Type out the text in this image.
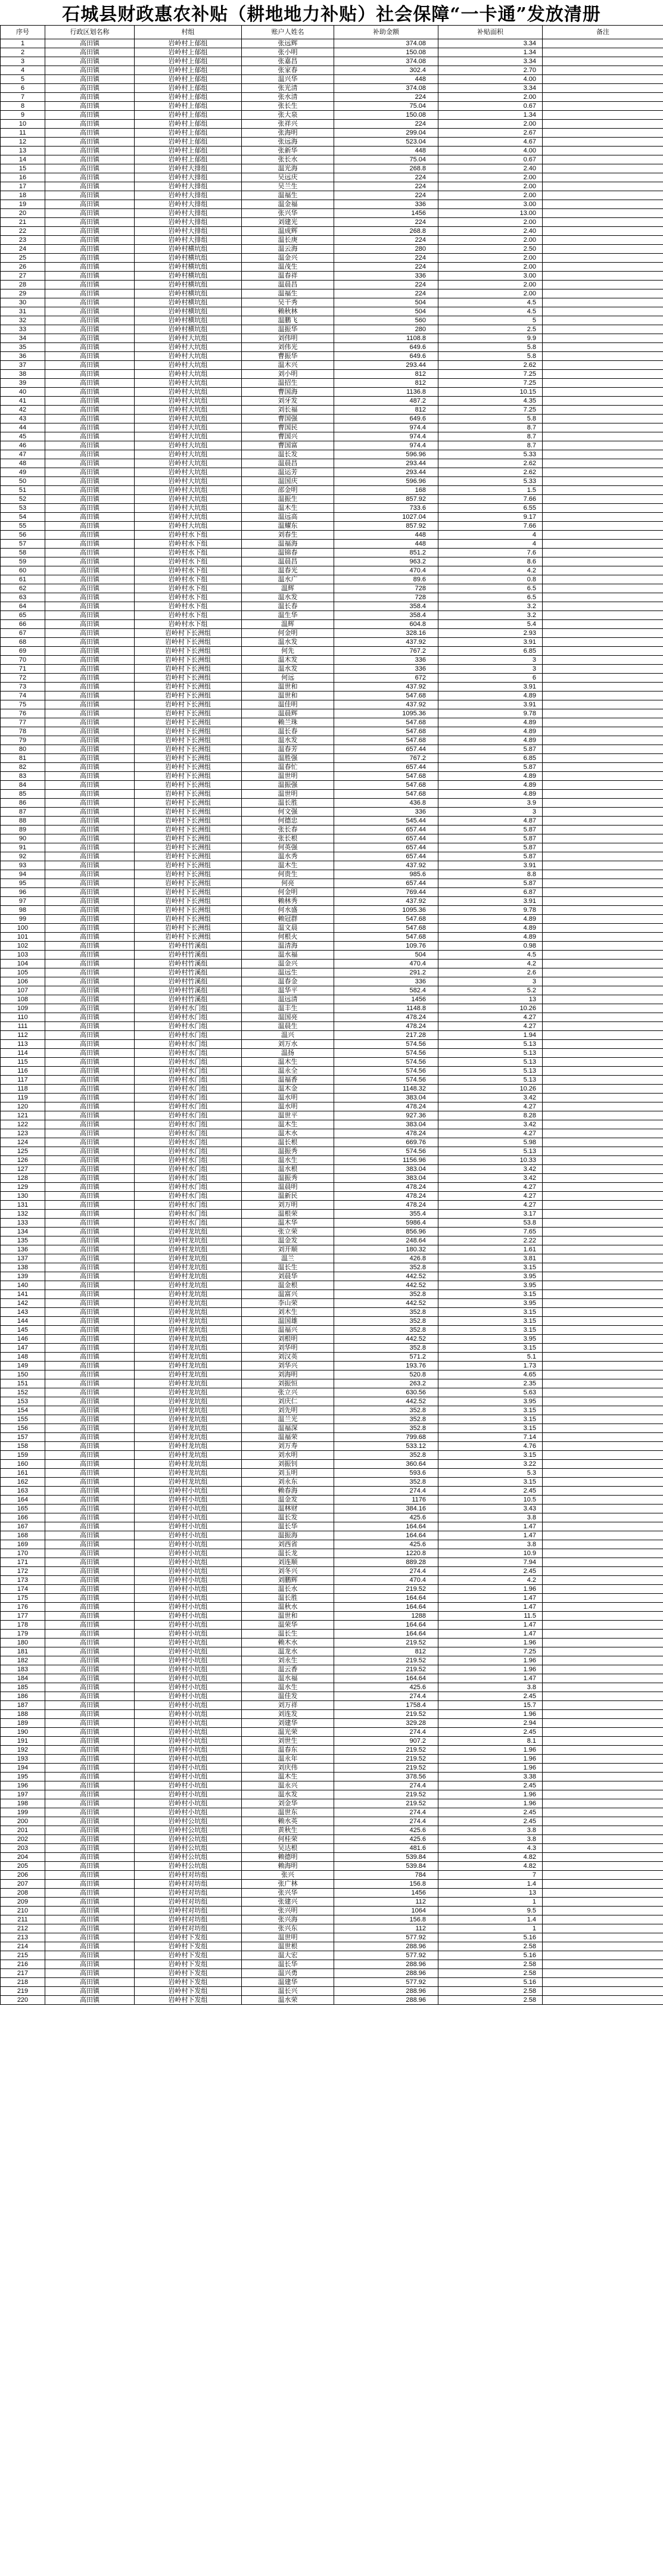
石城县财政惠农补贴（耕地地力补贴）社会保障“一卡通”发放清册
序号	行政区划名称	村组	账户人姓名	补助金额	补贴面积	备注
1	高田镇	岩岭村上郁组	张远辉	374.08	3.34	
2	高田镇	岩岭村上郁组	张小明	150.08	1.34	
3	高田镇	岩岭村上郁组	张嘉昌	374.08	3.34	
4	高田镇	岩岭村上郁组	张家春	302.4	2.70	
5	高田镇	岩岭村上郁组	温兴华	448	4.00	
6	高田镇	岩岭村上郁组	张光清	374.08	3.34	
7	高田镇	岩岭村上郁组	张水清	224	2.00	
8	高田镇	岩岭村上郁组	张长生	75.04	0.67	
9	高田镇	岩岭村上郁组	张大泉	150.08	1.34	
10	高田镇	岩岭村上郁组	张祥兴	224	2.00	
11	高田镇	岩岭村上郁组	张海明	299.04	2.67	
12	高田镇	岩岭村上郁组	张远海	523.04	4.67	
13	高田镇	岩岭村上郁组	张新华	448	4.00	
14	高田镇	岩岭村上郁组	张长水	75.04	0.67	
15	高田镇	岩岭村大排组	温光海	268.8	2.40	
16	高田镇	岩岭村大排组	吴远庆	224	2.00	
17	高田镇	岩岭村大排组	吴兰生	224	2.00	
18	高田镇	岩岭村大排组	温福生	224	2.00	
19	高田镇	岩岭村大排组	温金福	336	3.00	
20	高田镇	岩岭村大排组	张兴华	1456	13.00	
21	高田镇	岩岭村大排组	刘建光	224	2.00	
22	高田镇	岩岭村大排组	温成辉	268.8	2.40	
23	高田镇	岩岭村大排组	温长庚	224	2.00	
24	高田镇	岩岭村横坑组	温云海	280	2.50	
25	高田镇	岩岭村横坑组	温金兴	224	2.00	
26	高田镇	岩岭村横坑组	温茂生	224	2.00	
27	高田镇	岩岭村横坑组	温春祥	336	3.00	
28	高田镇	岩岭村横坑组	温晨昌	224	2.00	
29	高田镇	岩岭村横坑组	温福生	224	2.00	
30	高田镇	岩岭村横坑组	吴干秀	504	4.5	
31	高田镇	岩岭村横坑组	赖秋林	504	4.5	
32	高田镇	岩岭村横坑组	温鹏飞	560	5	
33	高田镇	岩岭村横坑组	温振华	280	2.5	
34	高田镇	岩岭村大坑组	刘伟明	1108.8	9.9	
35	高田镇	岩岭村大坑组	刘伟光	649.6	5.8	
36	高田镇	岩岭村大坑组	曹振华	649.6	5.8	
37	高田镇	岩岭村大坑组	温木兴	293.44	2.62	
38	高田镇	岩岭村大坑组	刘小明	812	7.25	
39	高田镇	岩岭村大坑组	温招生	812	7.25	
40	高田镇	岩岭村大坑组	曹国海	1136.8	10.15	
41	高田镇	岩岭村大坑组	刘牙发	487.2	4.35	
42	高田镇	岩岭村大坑组	刘长福	812	7.25	
43	高田镇	岩岭村大坑组	曹国强	649.6	5.8	
44	高田镇	岩岭村大坑组	曹国民	974.4	8.7	
45	高田镇	岩岭村大坑组	曹国兴	974.4	8.7	
46	高田镇	岩岭村大坑组	曹国富	974.4	8.7	
47	高田镇	岩岭村大坑组	温长发	596.96	5.33	
48	高田镇	岩岭村大坑组	温晨昌	293.44	2.62	
49	高田镇	岩岭村大坑组	温运芳	293.44	2.62	
50	高田镇	岩岭村大坑组	温国庆	596.96	5.33	
51	高田镇	岩岭村大坑组	邵金明	168	1.5	
52	高田镇	岩岭村大坑组	温振生	857.92	7.66	
53	高田镇	岩岭村大坑组	温木生	733.6	6.55	
54	高田镇	岩岭村大坑组	温远高	1027.04	9.17	
55	高田镇	岩岭村大坑组	温耀东	857.92	7.66	
56	高田镇	岩岭村水下组	刘春生	448	4	
57	高田镇	岩岭村水下组	温福海	448	4	
58	高田镇	岩岭村水下组	温锦春	851.2	7.6	
59	高田镇	岩岭村水下组	温晨昌	963.2	8.6	
60	高田镇	岩岭村水下组	温春光	470.4	4.2	
61	高田镇	岩岭村水下组	温水广	89.6	0.8	
62	高田镇	岩岭村水下组	温辉	728	6.5	
63	高田镇	岩岭村水下组	温水发	728	6.5	
64	高田镇	岩岭村水下组	温长春	358.4	3.2	
65	高田镇	岩岭村水下组	温生华	358.4	3.2	
66	高田镇	岩岭村水下组	温辉	604.8	5.4	
67	高田镇	岩岭村下长洲组	何金明	328.16	2.93	
68	高田镇	岩岭村下长洲组	温水发	437.92	3.91	
69	高田镇	岩岭村下长洲组	何先	767.2	6.85	
70	高田镇	岩岭村下长洲组	温木发	336	3	
71	高田镇	岩岭村下长洲组	温水发	336	3	
72	高田镇	岩岭村下长洲组	何远	672	6	
73	高田镇	岩岭村下长洲组	温世和	437.92	3.91	
74	高田镇	岩岭村下长洲组	温世和	547.68	4.89	
75	高田镇	岩岭村下长洲组	温佳明	437.92	3.91	
76	高田镇	岩岭村下长洲组	温晨辉	1095.36	9.78	
77	高田镇	岩岭村下长洲组	赖兰珠	547.68	4.89	
78	高田镇	岩岭村下长洲组	温长春	547.68	4.89	
79	高田镇	岩岭村下长洲组	温水发	547.68	4.89	
80	高田镇	岩岭村下长洲组	温春芳	657.44	5.87	
81	高田镇	岩岭村下长洲组	温胜强	767.2	6.85	
82	高田镇	岩岭村下长洲组	温春忙	657.44	5.87	
83	高田镇	岩岭村下长洲组	温世明	547.68	4.89	
84	高田镇	岩岭村下长洲组	温振强	547.68	4.89	
85	高田镇	岩岭村下长洲组	温世明	547.68	4.89	
86	高田镇	岩岭村下长洲组	温长胜	436.8	3.9	
87	高田镇	岩岭村下长洲组	何文强	336	3	
88	高田镇	岩岭村下长洲组	何德忠	545.44	4.87	
89	高田镇	岩岭村下长洲组	张长春	657.44	5.87	
90	高田镇	岩岭村下长洲组	张长根	657.44	5.87	
91	高田镇	岩岭村下长洲组	何英强	657.44	5.87	
92	高田镇	岩岭村下长洲组	温水秀	657.44	5.87	
93	高田镇	岩岭村下长洲组	温木生	437.92	3.91	
94	高田镇	岩岭村下长洲组	何贵生	985.6	8.8	
95	高田镇	岩岭村下长洲组	何亮	657.44	5.87	
96	高田镇	岩岭村下长洲组	何金明	769.44	6.87	
97	高田镇	岩岭村下长洲组	赖林秀	437.92	3.91	
98	高田镇	岩岭村下长洲组	何水盛	1095.36	9.78	
99	高田镇	岩岭村下长洲组	赖冠群	547.68	4.89	
100	高田镇	岩岭村下长洲组	温文晨	547.68	4.89	
101	高田镇	岩岭村下长洲组	何根火	547.68	4.89	
102	高田镇	岩岭村竹溪组	温清海	109.76	0.98	
103	高田镇	岩岭村竹溪组	温水福	504	4.5	
104	高田镇	岩岭村竹溪组	温金兴	470.4	4.2	
105	高田镇	岩岭村竹溪组	温远生	291.2	2.6	
106	高田镇	岩岭村竹溪组	温春金	336	3	
107	高田镇	岩岭村竹溪组	温华平	582.4	5.2	
108	高田镇	岩岭村竹溪组	温远清	1456	13	
109	高田镇	岩岭村水门组	温丰生	1148.8	10.26	
110	高田镇	岩岭村水门组	温国亮	478.24	4.27	
111	高田镇	岩岭村水门组	温晨生	478.24	4.27	
112	高田镇	岩岭村水门组	温兴	217.28	1.94	
113	高田镇	岩岭村水门组	刘万水	574.56	5.13	
114	高田镇	岩岭村水门组	温扬	574.56	5.13	
115	高田镇	岩岭村水门组	温木生	574.56	5.13	
116	高田镇	岩岭村水门组	温永全	574.56	5.13	
117	高田镇	岩岭村水门组	温福香	574.56	5.13	
118	高田镇	岩岭村水门组	温木金	1148.32	10.26	
119	高田镇	岩岭村水门组	温水明	383.04	3.42	
120	高田镇	岩岭村水门组	温水明	478.24	4.27	
121	高田镇	岩岭村水门组	温世平	927.36	8.28	
122	高田镇	岩岭村水门组	温木生	383.04	3.42	
123	高田镇	岩岭村水门组	温木水	478.24	4.27	
124	高田镇	岩岭村水门组	温长根	669.76	5.98	
125	高田镇	岩岭村水门组	温振秀	574.56	5.13	
126	高田镇	岩岭村水门组	温水生	1156.96	10.33	
127	高田镇	岩岭村水门组	温水根	383.04	3.42	
128	高田镇	岩岭村水门组	温振秀	383.04	3.42	
129	高田镇	岩岭村水门组	温晨明	478.24	4.27	
130	高田镇	岩岭村水门组	温新民	478.24	4.27	
131	高田镇	岩岭村水门组	刘万明	478.24	4.27	
132	高田镇	岩岭村水门组	温根荣	355.4	3.17	
133	高田镇	岩岭村水门组	温木华	5986.4	53.8	
134	高田镇	岩岭村龙坑组	张立荣	856.96	7.65	
135	高田镇	岩岭村龙坑组	温金发	248.64	2.22	
136	高田镇	岩岭村龙坑组	刘开顺	180.32	1.61	
137	高田镇	岩岭村龙坑组	温兰	426.8	3.81	
138	高田镇	岩岭村龙坑组	温长生	352.8	3.15	
139	高田镇	岩岭村龙坑组	刘晨华	442.52	3.95	
140	高田镇	岩岭村龙坑组	温金根	442.52	3.95	
141	高田镇	岩岭村龙坑组	温富兴	352.8	3.15	
142	高田镇	岩岭村龙坑组	李山荣	442.52	3.95	
143	高田镇	岩岭村龙坑组	刘木生	352.8	3.15	
144	高田镇	岩岭村龙坑组	温国雄	352.8	3.15	
145	高田镇	岩岭村龙坑组	温福兴	352.8	3.15	
146	高田镇	岩岭村龙坑组	刘根明	442.52	3.95	
147	高田镇	岩岭村龙坑组	刘华明	352.8	3.15	
148	高田镇	岩岭村龙坑组	刘汉英	571.2	5.1	
149	高田镇	岩岭村龙坑组	刘华兴	193.76	1.73	
150	高田镇	岩岭村龙坑组	刘海明	520.8	4.65	
151	高田镇	岩岭村龙坑组	刘振恒	263.2	2.35	
152	高田镇	岩岭村龙坑组	张立兴	630.56	5.63	
153	高田镇	岩岭村龙坑组	刘庆仁	442.52	3.95	
154	高田镇	岩岭村龙坑组	刘先明	352.8	3.15	
155	高田镇	岩岭村龙坑组	温兰光	352.8	3.15	
156	高田镇	岩岭村龙坑组	温福深	352.8	3.15	
157	高田镇	岩岭村龙坑组	温福荣	799.68	7.14	
158	高田镇	岩岭村龙坑组	刘万寿	533.12	4.76	
159	高田镇	岩岭村龙坑组	刘水明	352.8	3.15	
160	高田镇	岩岭村龙坑组	刘振钊	360.64	3.22	
161	高田镇	岩岭村龙坑组	刘玉明	593.6	5.3	
162	高田镇	岩岭村龙坑组	刘永东	352.8	3.15	
163	高田镇	岩岭村小坑组	赖春海	274.4	2.45	
164	高田镇	岩岭村小坑组	温金发	1176	10.5	
165	高田镇	岩岭村小坑组	温林财	384.16	3.43	
166	高田镇	岩岭村小坑组	温长发	425.6	3.8	
167	高田镇	岩岭村小坑组	温长华	164.64	1.47	
168	高田镇	岩岭村小坑组	温振海	164.64	1.47	
169	高田镇	岩岭村小坑组	刘西省	425.6	3.8	
170	高田镇	岩岭村小坑组	温长龙	1220.8	10.9	
171	高田镇	岩岭村小坑组	刘连顺	889.28	7.94	
172	高田镇	岩岭村小坑组	刘冬兴	274.4	2.45	
173	高田镇	岩岭村小坑组	刘鹏辉	470.4	4.2	
174	高田镇	岩岭村小坑组	温长水	219.52	1.96	
175	高田镇	岩岭村小坑组	温长胜	164.64	1.47	
176	高田镇	岩岭村小坑组	温秋水	164.64	1.47	
177	高田镇	岩岭村小坑组	温世和	1288	11.5	
178	高田镇	岩岭村小坑组	温荣华	164.64	1.47	
179	高田镇	岩岭村小坑组	温长生	164.64	1.47	
180	高田镇	岩岭村小坑组	赖木水	219.52	1.96	
181	高田镇	岩岭村小坑组	温龙水	812	7.25	
182	高田镇	岩岭村小坑组	刘永生	219.52	1.96	
183	高田镇	岩岭村小坑组	温云香	219.52	1.96	
184	高田镇	岩岭村小坑组	温水福	164.64	1.47	
185	高田镇	岩岭村小坑组	温水生	425.6	3.8	
186	高田镇	岩岭村小坑组	温佳发	274.4	2.45	
187	高田镇	岩岭村小坑组	刘万祥	1758.4	15.7	
188	高田镇	岩岭村小坑组	刘连发	219.52	1.96	
189	高田镇	岩岭村小坑组	刘建华	329.28	2.94	
190	高田镇	岩岭村小坑组	温光荣	274.4	2.45	
191	高田镇	岩岭村小坑组	刘世生	907.2	8.1	
192	高田镇	岩岭村小坑组	温春东	219.52	1.96	
193	高田镇	岩岭村小坑组	温永年	219.52	1.96	
194	高田镇	岩岭村小坑组	刘庆伟	219.52	1.96	
195	高田镇	岩岭村小坑组	温木生	378.56	3.38	
196	高田镇	岩岭村小坑组	温永兴	274.4	2.45	
197	高田镇	岩岭村小坑组	温水发	219.52	1.96	
198	高田镇	岩岭村小坑组	刘金华	219.52	1.96	
199	高田镇	岩岭村小坑组	温世东	274.4	2.45	
200	高田镇	岩岭村公坑组	赖水英	274.4	2.45	
201	高田镇	岩岭村公坑组	黄秋生	425.6	3.8	
202	高田镇	岩岭村公坑组	何桂荣	425.6	3.8	
203	高田镇	岩岭村公坑组	吴达根	481.6	4.3	
204	高田镇	岩岭村公坑组	赖德明	539.84	4.82	
205	高田镇	岩岭村公坑组	赖海明	539.84	4.82	
206	高田镇	岩岭村对坊组	张兴	784	7	
207	高田镇	岩岭村对坊组	张广林	156.8	1.4	
208	高田镇	岩岭村对坊组	张兴华	1456	13	
209	高田镇	岩岭村对坊组	张建兴	112	1	
210	高田镇	岩岭村对坊组	张兴明	1064	9.5	
211	高田镇	岩岭村对坊组	张兴海	156.8	1.4	
212	高田镇	岩岭村对坊组	张兴东	112	1	
213	高田镇	岩岭村下发组	温世明	577.92	5.16	
214	高田镇	岩岭村下发组	温世根	288.96	2.58	
215	高田镇	岩岭村下发组	温大宏	577.92	5.16	
216	高田镇	岩岭村下发组	温长华	288.96	2.58	
217	高田镇	岩岭村下发组	温兴勇	288.96	2.58	
218	高田镇	岩岭村下发组	温建华	577.92	5.16	
219	高田镇	岩岭村下发组	温长兴	288.96	2.58	
220	高田镇	岩岭村下发组	温水荣	288.96	2.58	
